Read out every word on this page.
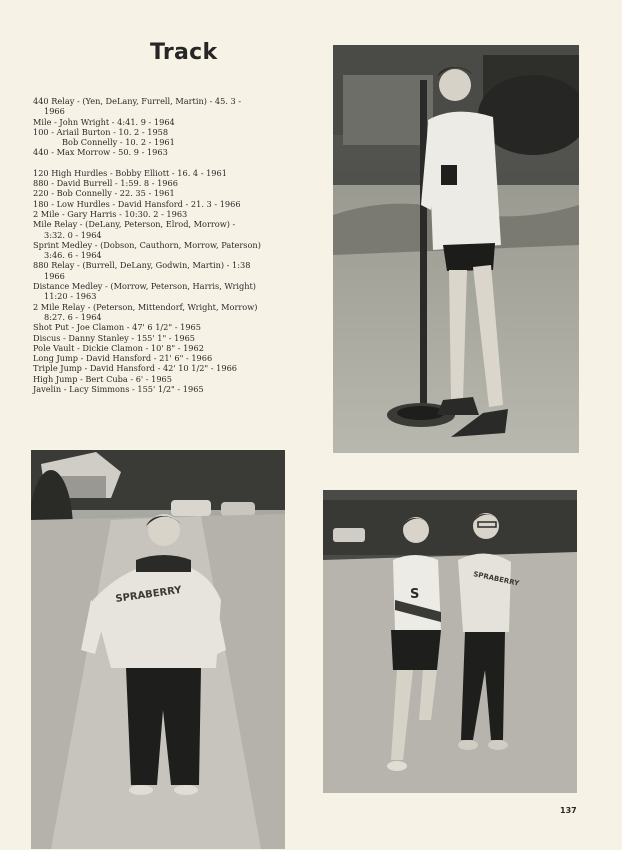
Track
440 Relay - (Yen, DeLany, Furrell, Martin) - 45. 3 -
1966
Mile - John Wright - 4:41. 9 - 1964
100 - Ariail Burton - 10. 2 - 1958
Bob Connelly - 10. 2 - 1961
440 - Max Morrow - 50. 9 - 1963
120 High Hurdles - Bobby Elliott - 16. 4 - 1961
880 - David Burrell - 1:59. 8 - 1966
220 - Bob Connelly - 22. 35 - 1961
180 - Low Hurdles - David Hansford - 21. 3 - 1966
2 Mile - Gary Harris - 10:30. 2 - 1963
Mile Relay - (DeLany, Peterson, Elrod, Morrow) -
3:32. 0 - 1964
Sprint Medley - (Dobson, Cauthorn, Morrow, Paterson)
3:46. 6 - 1964
880 Relay - (Burrell, DeLany, Godwin, Martin) - 1:38
1966
Distance Medley - (Morrow, Peterson, Harris, Wright)
11:20 - 1963
2 Mile Relay - (Peterson, Mittendorf, Wright, Morrow)
8:27. 6 - 1964
Shot Put - Joe Clamon - 47' 6 1/2" - 1965
Discus - Danny Stanley - 155' 1" - 1965
Pole Vault - Dickie Clamon - 10' 8" - 1962
Long Jump - David Hansford - 21' 6" - 1966
Triple Jump - David Hansford - 42' 10 1/2" - 1966
High Jump - Bert Cuba - 6' - 1965
Javelin - Lacy Simmons - 155' 1/2" - 1965
SPRABERRY	S
SPRABERRY
137
